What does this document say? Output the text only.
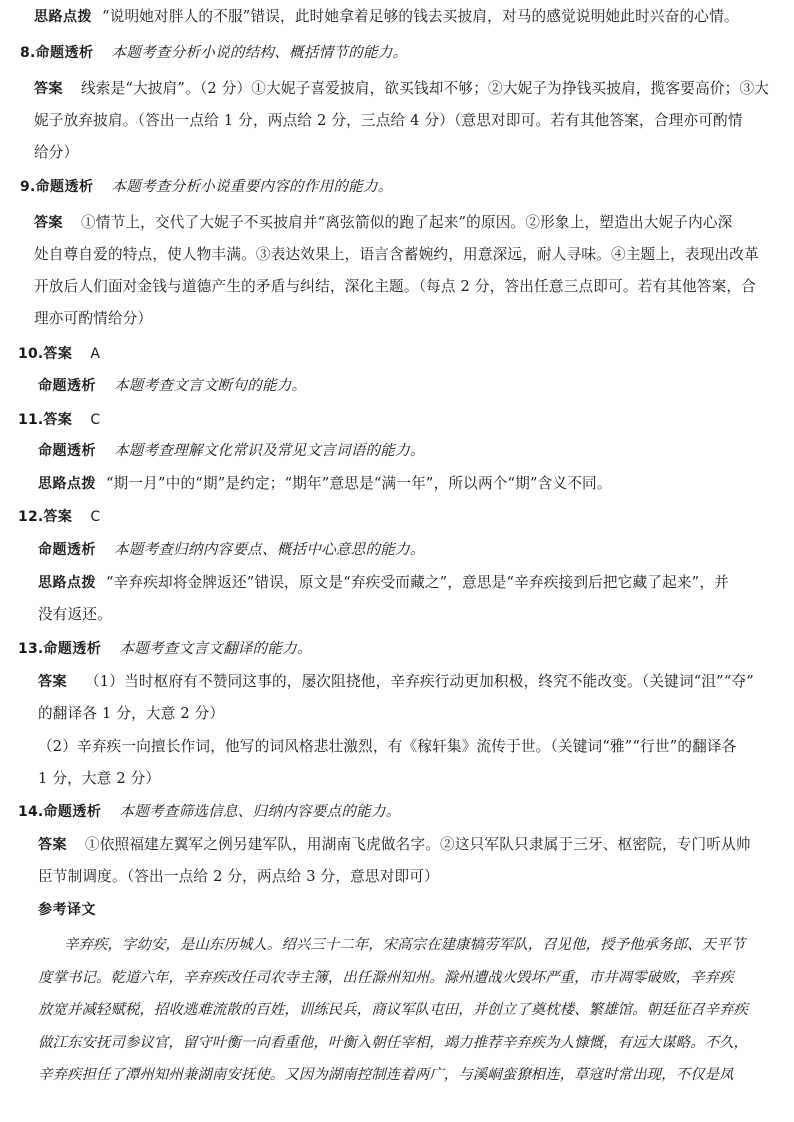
思路点拨 “说明她对胖人的不服”错误，此时她拿着足够的钱去买披肩，对马的感觉说明她此时兴奋的心情。
8.命题透析 本题考查分析小说的结构、概括情节的能力。
答案 线索是“大披肩”。（2 分）①大妮子喜爱披肩，欲买钱却不够；②大妮子为挣钱买披肩，揽客要高价；③大
妮子放弃披肩。（答出一点给 1 分，两点给 2 分，三点给 4 分）（意思对即可。若有其他答案，合理亦可酌情
给分）
9.命题透析 本题考查分析小说重要内容的作用的能力。
答案 ①情节上，交代了大妮子不买披肩并“离弦箭似的跑了起来”的原因。②形象上，塑造出大妮子内心深
处自尊自爱的特点，使人物丰满。③表达效果上，语言含蓄婉约，用意深远，耐人寻味。④主题上，表现出改革
开放后人们面对金钱与道德产生的矛盾与纠结，深化主题。（每点 2 分，答出任意三点即可。若有其他答案，合
理亦可酌情给分）
10.答案 A
命题透析 本题考查文言文断句的能力。
11.答案 C
命题透析 本题考查理解文化常识及常见文言词语的能力。
思路点拨 “期一月”中的“期”是约定；“期年”意思是“满一年”，所以两个“期”含义不同。
12.答案 C
命题透析 本题考查归纳内容要点、概括中心意思的能力。
思路点拨 “辛弃疾却将金牌返还”错误，原文是“弃疾受而藏之”，意思是“辛弃疾接到后把它藏了起来”，并
没有返还。
13.命题透析 本题考查文言文翻译的能力。
答案 （1）当时枢府有不赞同这事的，屡次阻挠他，辛弃疾行动更加积极，终究不能改变。（关键词“沮”“夺”
的翻译各 1 分，大意 2 分）
（2）辛弃疾一向擅长作词，他写的词风格悲壮激烈，有《稼轩集》流传于世。（关键词“雅”“行世”的翻译各
1 分，大意 2 分）
14.命题透析 本题考查筛选信息、归纳内容要点的能力。
答案 ①依照福建左翼军之例另建军队，用湖南飞虎做名字。②这只军队只隶属于三牙、枢密院，专门听从帅
臣节制调度。（答出一点给 2 分，两点给 3 分，意思对即可）
参考译文
辛弃疾，字幼安，是山东历城人。绍兴三十二年，宋高宗在建康犒劳军队，召见他，授予他承务郎、天平节
度掌书记。乾道六年，辛弃疾改任司农寺主簿，出任滁州知州。滁州遭战火毁坏严重，市井凋零破败，辛弃疾
放宽并减轻赋税，招收逃难流散的百姓，训练民兵，商议军队屯田，并创立了奠枕楼、繁雄馆。朝廷征召辛弃疾
做江东安抚司参议官，留守叶衡一向看重他，叶衡入朝任宰相，竭力推荐辛弃疾为人慷慨，有远大谋略。不久，
辛弃疾担任了潭州知州兼湖南安抚使。又因为湖南控制连着两广，与溪峒蛮獠相连，草寇时常出现，不仅是凤
